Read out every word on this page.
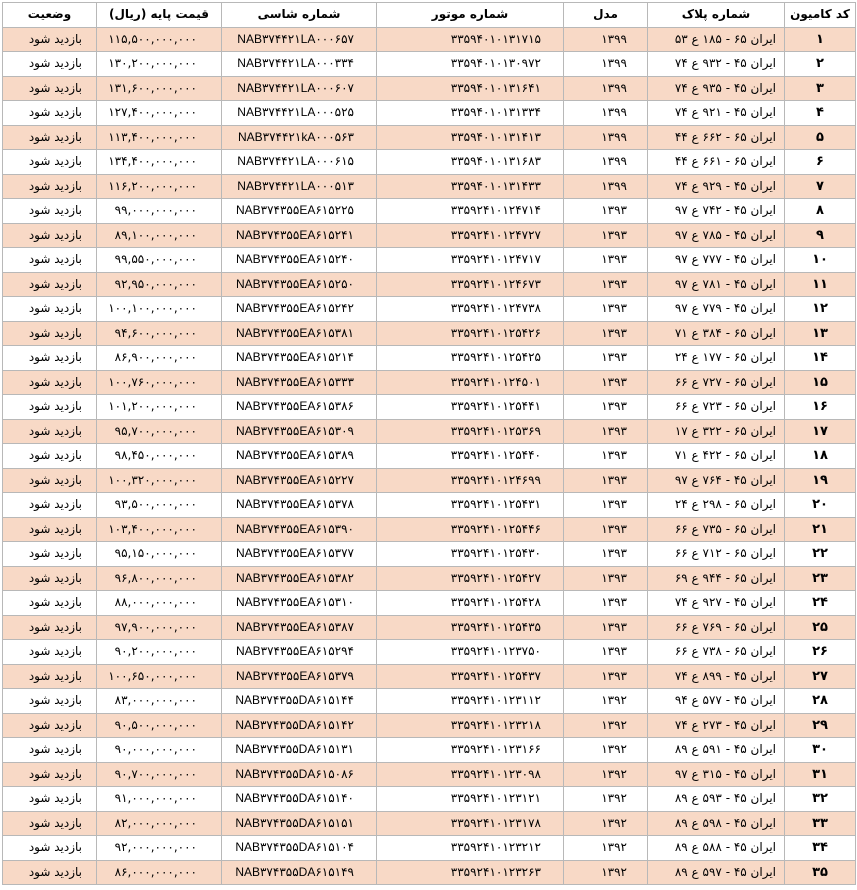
کد کامیون	شماره پلاک	مدل	شماره موتور	شماره شاسی	قیمت پایه (ریال)	وضعیت
۱	ایران ۶۵ - ۱۸۵ ع ۵۳	۱۳۹۹	۳۳۵۹۴۰۱۰۱۳۱۷۱۵	NAB۳۷۴۴۲۱LA۰۰۰۶۵۷	۱۱۵,۵۰۰,۰۰۰,۰۰۰	بازدید شود
۲	ایران ۴۵ - ۹۳۲ ع ۷۴	۱۳۹۹	۳۳۵۹۴۰۱۰۱۳۰۹۷۲	NAB۳۷۴۴۲۱LA۰۰۰۳۳۴	۱۳۰,۲۰۰,۰۰۰,۰۰۰	بازدید شود
۳	ایران ۴۵ - ۹۳۵ ع ۷۴	۱۳۹۹	۳۳۵۹۴۰۱۰۱۳۱۶۴۱	NAB۳۷۴۴۲۱LA۰۰۰۶۰۷	۱۳۱,۶۰۰,۰۰۰,۰۰۰	بازدید شود
۴	ایران ۴۵ - ۹۲۱ ع ۷۴	۱۳۹۹	۳۳۵۹۴۰۱۰۱۳۱۳۳۴	NAB۳۷۴۴۲۱LA۰۰۰۵۲۵	۱۲۷,۴۰۰,۰۰۰,۰۰۰	بازدید شود
۵	ایران ۶۵ - ۶۶۲ ع ۴۴	۱۳۹۹	۳۳۵۹۴۰۱۰۱۳۱۴۱۳	NAB۳۷۴۴۲۱kA۰۰۰۵۶۳	۱۱۳,۴۰۰,۰۰۰,۰۰۰	بازدید شود
۶	ایران ۶۵ - ۶۶۱ ع ۴۴	۱۳۹۹	۳۳۵۹۴۰۱۰۱۳۱۶۸۳	NAB۳۷۴۴۲۱LA۰۰۰۶۱۵	۱۳۴,۴۰۰,۰۰۰,۰۰۰	بازدید شود
۷	ایران ۴۵ - ۹۲۹ ع ۷۴	۱۳۹۹	۳۳۵۹۴۰۱۰۱۳۱۴۳۳	NAB۳۷۴۴۲۱LA۰۰۰۵۱۳	۱۱۶,۲۰۰,۰۰۰,۰۰۰	بازدید شود
۸	ایران ۴۵ - ۷۴۲ ع ۹۷	۱۳۹۳	۳۳۵۹۲۴۱۰۱۲۴۷۱۴	NAB۳۷۴۳۵۵EA۶۱۵۲۲۵	۹۹,۰۰۰,۰۰۰,۰۰۰	بازدید شود
۹	ایران ۴۵ - ۷۸۵ ع ۹۷	۱۳۹۳	۳۳۵۹۲۴۱۰۱۲۴۷۲۷	NAB۳۷۴۳۵۵EA۶۱۵۲۴۱	۸۹,۱۰۰,۰۰۰,۰۰۰	بازدید شود
۱۰	ایران ۴۵ - ۷۷۷ ع ۹۷	۱۳۹۳	۳۳۵۹۲۴۱۰۱۲۴۷۱۷	NAB۳۷۴۳۵۵EA۶۱۵۲۴۰	۹۹,۵۵۰,۰۰۰,۰۰۰	بازدید شود
۱۱	ایران ۴۵ - ۷۸۱ ع ۹۷	۱۳۹۳	۳۳۵۹۲۴۱۰۱۲۴۶۷۳	NAB۳۷۴۳۵۵EA۶۱۵۲۵۰	۹۲,۹۵۰,۰۰۰,۰۰۰	بازدید شود
۱۲	ایران ۴۵ - ۷۷۹ ع ۹۷	۱۳۹۳	۳۳۵۹۲۴۱۰۱۲۴۷۳۸	NAB۳۷۴۳۵۵EA۶۱۵۲۴۲	۱۰۰,۱۰۰,۰۰۰,۰۰۰	بازدید شود
۱۳	ایران ۶۵ - ۳۸۴ ع ۷۱	۱۳۹۳	۳۳۵۹۲۴۱۰۱۲۵۴۲۶	NAB۳۷۴۳۵۵EA۶۱۵۳۸۱	۹۴,۶۰۰,۰۰۰,۰۰۰	بازدید شود
۱۴	ایران ۶۵ - ۱۷۷ ع ۲۴	۱۳۹۳	۳۳۵۹۲۴۱۰۱۲۵۴۲۵	NAB۳۷۴۳۵۵EA۶۱۵۲۱۴	۸۶,۹۰۰,۰۰۰,۰۰۰	بازدید شود
۱۵	ایران ۶۵ - ۷۲۷ ع ۶۶	۱۳۹۳	۳۳۵۹۲۴۱۰۱۲۴۵۰۱	NAB۳۷۴۳۵۵EA۶۱۵۳۳۳	۱۰۰,۷۶۰,۰۰۰,۰۰۰	بازدید شود
۱۶	ایران ۶۵ - ۷۲۳ ع ۶۶	۱۳۹۳	۳۳۵۹۲۴۱۰۱۲۵۴۴۱	NAB۳۷۴۳۵۵EA۶۱۵۳۸۶	۱۰۱,۲۰۰,۰۰۰,۰۰۰	بازدید شود
۱۷	ایران ۶۵ - ۳۲۲ ع ۱۷	۱۳۹۳	۳۳۵۹۲۴۱۰۱۲۵۳۶۹	NAB۳۷۴۳۵۵EA۶۱۵۳۰۹	۹۵,۷۰۰,۰۰۰,۰۰۰	بازدید شود
۱۸	ایران ۶۵ - ۴۲۲ ع ۷۱	۱۳۹۳	۳۳۵۹۲۴۱۰۱۲۵۴۴۰	NAB۳۷۴۳۵۵EA۶۱۵۳۸۹	۹۸,۴۵۰,۰۰۰,۰۰۰	بازدید شود
۱۹	ایران ۴۵ - ۷۶۴ ع ۹۷	۱۳۹۳	۳۳۵۹۲۴۱۰۱۲۴۶۹۹	NAB۳۷۴۳۵۵EA۶۱۵۲۲۷	۱۰۰,۳۲۰,۰۰۰,۰۰۰	بازدید شود
۲۰	ایران ۶۵ - ۲۹۸ ع ۲۴	۱۳۹۳	۳۳۵۹۲۴۱۰۱۲۵۴۳۱	NAB۳۷۴۳۵۵EA۶۱۵۳۷۸	۹۳,۵۰۰,۰۰۰,۰۰۰	بازدید شود
۲۱	ایران ۶۵ - ۷۳۵ ع ۶۶	۱۳۹۳	۳۳۵۹۲۴۱۰۱۲۵۴۴۶	NAB۳۷۴۳۵۵EA۶۱۵۳۹۰	۱۰۳,۴۰۰,۰۰۰,۰۰۰	بازدید شود
۲۲	ایران ۶۵ - ۷۱۲ ع ۶۶	۱۳۹۳	۳۳۵۹۲۴۱۰۱۲۵۴۳۰	NAB۳۷۴۳۵۵EA۶۱۵۳۷۷	۹۵,۱۵۰,۰۰۰,۰۰۰	بازدید شود
۲۳	ایران ۶۵ - ۹۴۴ ع ۶۹	۱۳۹۳	۳۳۵۹۲۴۱۰۱۲۵۴۲۷	NAB۳۷۴۳۵۵EA۶۱۵۳۸۲	۹۶,۸۰۰,۰۰۰,۰۰۰	بازدید شود
۲۴	ایران ۴۵ - ۹۲۷ ع ۷۴	۱۳۹۳	۳۳۵۹۲۴۱۰۱۲۵۴۲۸	NAB۳۷۴۳۵۵EA۶۱۵۳۱۰	۸۸,۰۰۰,۰۰۰,۰۰۰	بازدید شود
۲۵	ایران ۶۵ - ۷۶۹ ع ۶۶	۱۳۹۳	۳۳۵۹۲۴۱۰۱۲۵۴۳۵	NAB۳۷۴۳۵۵EA۶۱۵۳۸۷	۹۷,۹۰۰,۰۰۰,۰۰۰	بازدید شود
۲۶	ایران ۶۵ - ۷۳۸ ع ۶۶	۱۳۹۳	۳۳۵۹۲۴۱۰۱۲۳۷۵۰	NAB۳۷۴۳۵۵EA۶۱۵۲۹۴	۹۰,۲۰۰,۰۰۰,۰۰۰	بازدید شود
۲۷	ایران ۴۵ - ۸۹۹ ع ۷۴	۱۳۹۳	۳۳۵۹۲۴۱۰۱۲۵۴۳۷	NAB۳۷۴۳۵۵EA۶۱۵۳۷۹	۱۰۰,۶۵۰,۰۰۰,۰۰۰	بازدید شود
۲۸	ایران ۴۵ - ۵۷۷ ع ۹۴	۱۳۹۲	۳۳۵۹۲۴۱۰۱۲۳۱۱۲	NAB۳۷۴۳۵۵DA۶۱۵۱۴۴	۸۳,۰۰۰,۰۰۰,۰۰۰	بازدید شود
۲۹	ایران ۴۵ - ۲۷۳ ع ۷۴	۱۳۹۲	۳۳۵۹۲۴۱۰۱۲۳۲۱۸	NAB۳۷۴۳۵۵DA۶۱۵۱۴۲	۹۰,۵۰۰,۰۰۰,۰۰۰	بازدید شود
۳۰	ایران ۴۵ - ۵۹۱ ع ۸۹	۱۳۹۲	۳۳۵۹۲۴۱۰۱۲۳۱۶۶	NAB۳۷۴۳۵۵DA۶۱۵۱۳۱	۹۰,۰۰۰,۰۰۰,۰۰۰	بازدید شود
۳۱	ایران ۴۵ - ۳۱۵ ع ۹۷	۱۳۹۲	۳۳۵۹۲۴۱۰۱۲۳۰۹۸	NAB۳۷۴۳۵۵DA۶۱۵۰۸۶	۹۰,۷۰۰,۰۰۰,۰۰۰	بازدید شود
۳۲	ایران ۴۵ - ۵۹۳ ع ۸۹	۱۳۹۲	۳۳۵۹۲۴۱۰۱۲۳۱۲۱	NAB۳۷۴۳۵۵DA۶۱۵۱۴۰	۹۱,۰۰۰,۰۰۰,۰۰۰	بازدید شود
۳۳	ایران ۴۵ - ۵۹۸ ع ۸۹	۱۳۹۲	۳۳۵۹۲۴۱۰۱۲۳۱۷۸	NAB۳۷۴۳۵۵DA۶۱۵۱۵۱	۸۲,۰۰۰,۰۰۰,۰۰۰	بازدید شود
۳۴	ایران ۴۵ - ۵۸۸ ع ۸۹	۱۳۹۲	۳۳۵۹۲۴۱۰۱۲۳۲۱۲	NAB۳۷۴۳۵۵DA۶۱۵۱۰۴	۹۲,۰۰۰,۰۰۰,۰۰۰	بازدید شود
۳۵	ایران ۴۵ - ۵۹۷ ع ۸۹	۱۳۹۲	۳۳۵۹۲۴۱۰۱۲۳۲۶۳	NAB۳۷۴۳۵۵DA۶۱۵۱۴۹	۸۶,۰۰۰,۰۰۰,۰۰۰	بازدید شود
